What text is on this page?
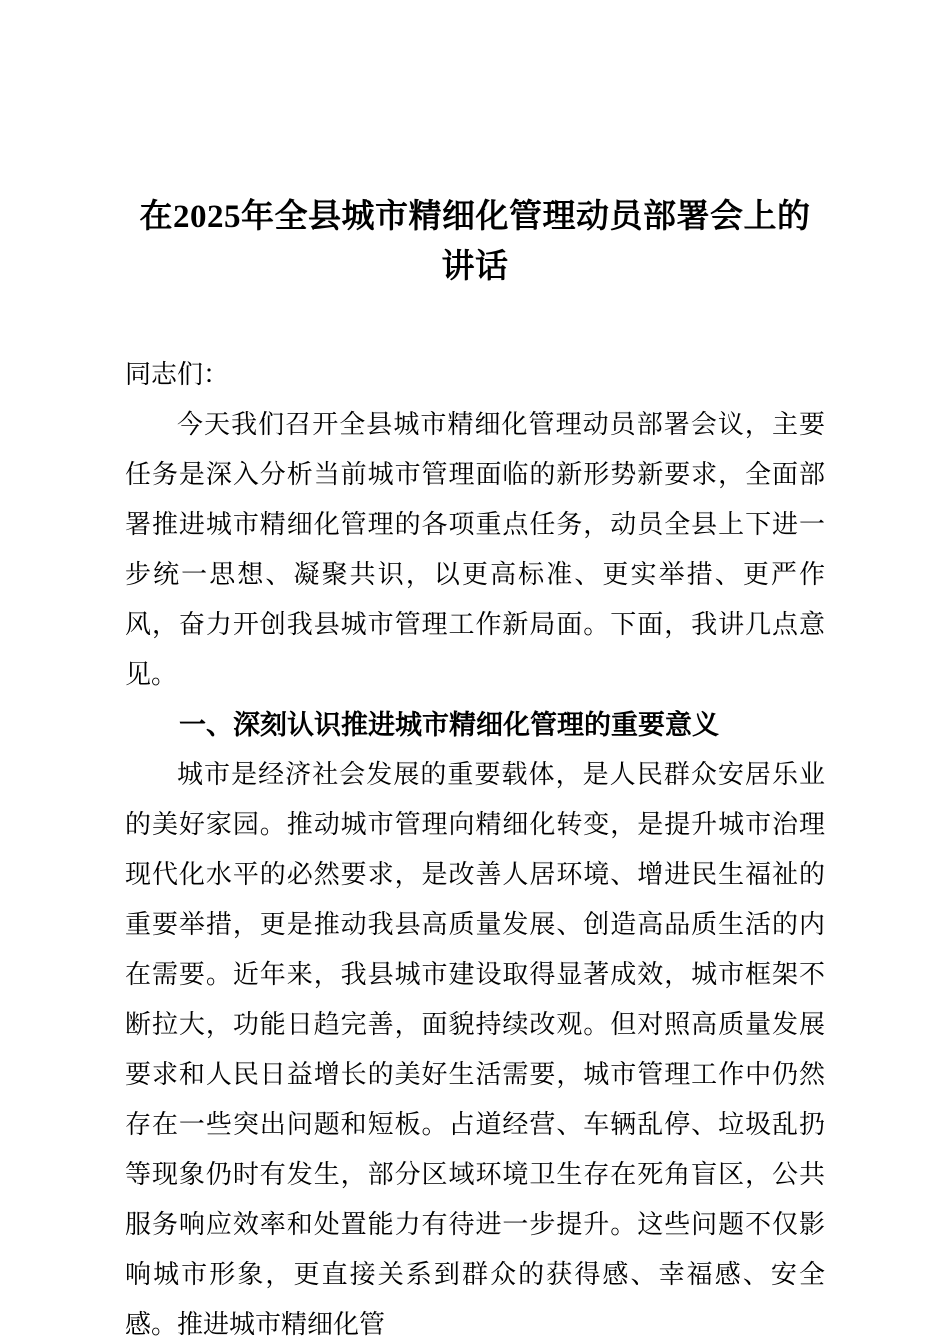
在2025年全县城市精细化管理动员部署会上的讲话

同志们：

今天我们召开全县城市精细化管理动员部署会议，主要任务是深入分析当前城市管理面临的新形势新要求，全面部署推进城市精细化管理的各项重点任务，动员全县上下进一步统一思想、凝聚共识，以更高标准、更实举措、更严作风，奋力开创我县城市管理工作新局面。下面，我讲几点意见。

一、深刻认识推进城市精细化管理的重要意义

城市是经济社会发展的重要载体，是人民群众安居乐业的美好家园。推动城市管理向精细化转变，是提升城市治理现代化水平的必然要求，是改善人居环境、增进民生福祉的重要举措，更是推动我县高质量发展、创造高品质生活的内在需要。近年来，我县城市建设取得显著成效，城市框架不断拉大，功能日趋完善，面貌持续改观。但对照高质量发展要求和人民日益增长的美好生活需要，城市管理工作中仍然存在一些突出问题和短板。占道经营、车辆乱停、垃圾乱扔等现象仍时有发生，部分区域环境卫生存在死角盲区，公共服务响应效率和处置能力有待进一步提升。这些问题不仅影响城市形象，更直接关系到群众的获得感、幸福感、安全感。推进城市精细化管
